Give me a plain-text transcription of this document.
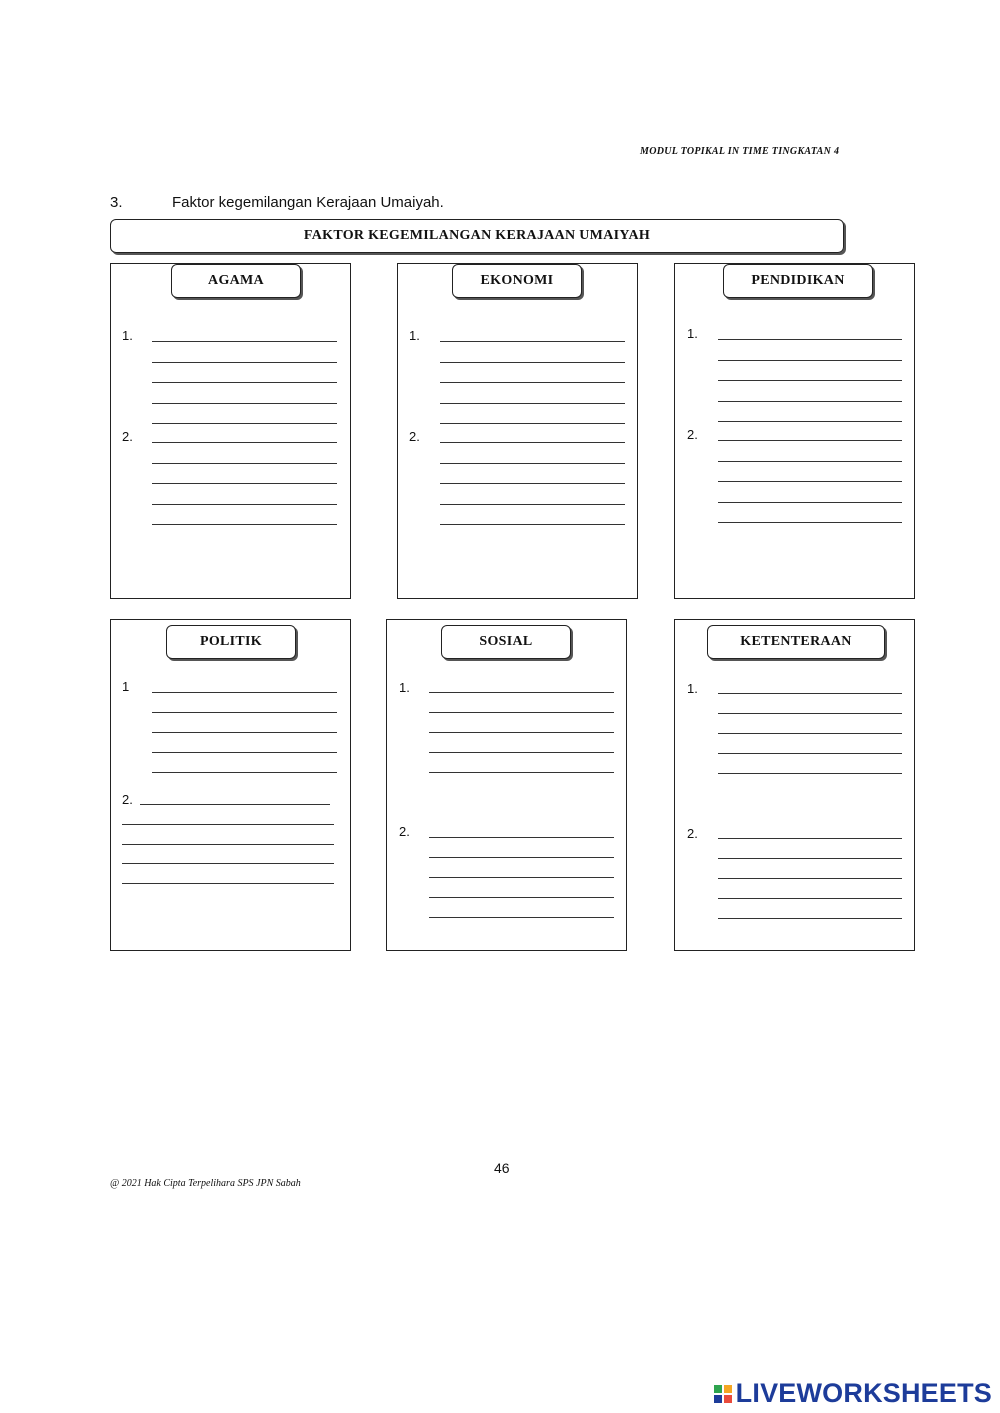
MODUL TOPIKAL IN TIME TINGKATAN 4
3.	Faktor kegemilangan Kerajaan Umaiyah.
FAKTOR KEGEMILANGAN KERAJAAN UMAIYAH
AGAMA
1.
2.
EKONOMI
1.
2.
PENDIDIKAN
1.
2.
POLITIK
1
2.
SOSIAL
1.
2.
KETENTERAAN
1.
2.
46
@ 2021 Hak Cipta Terpelihara SPS JPN Sabah
LIVEWORKSHEETS
